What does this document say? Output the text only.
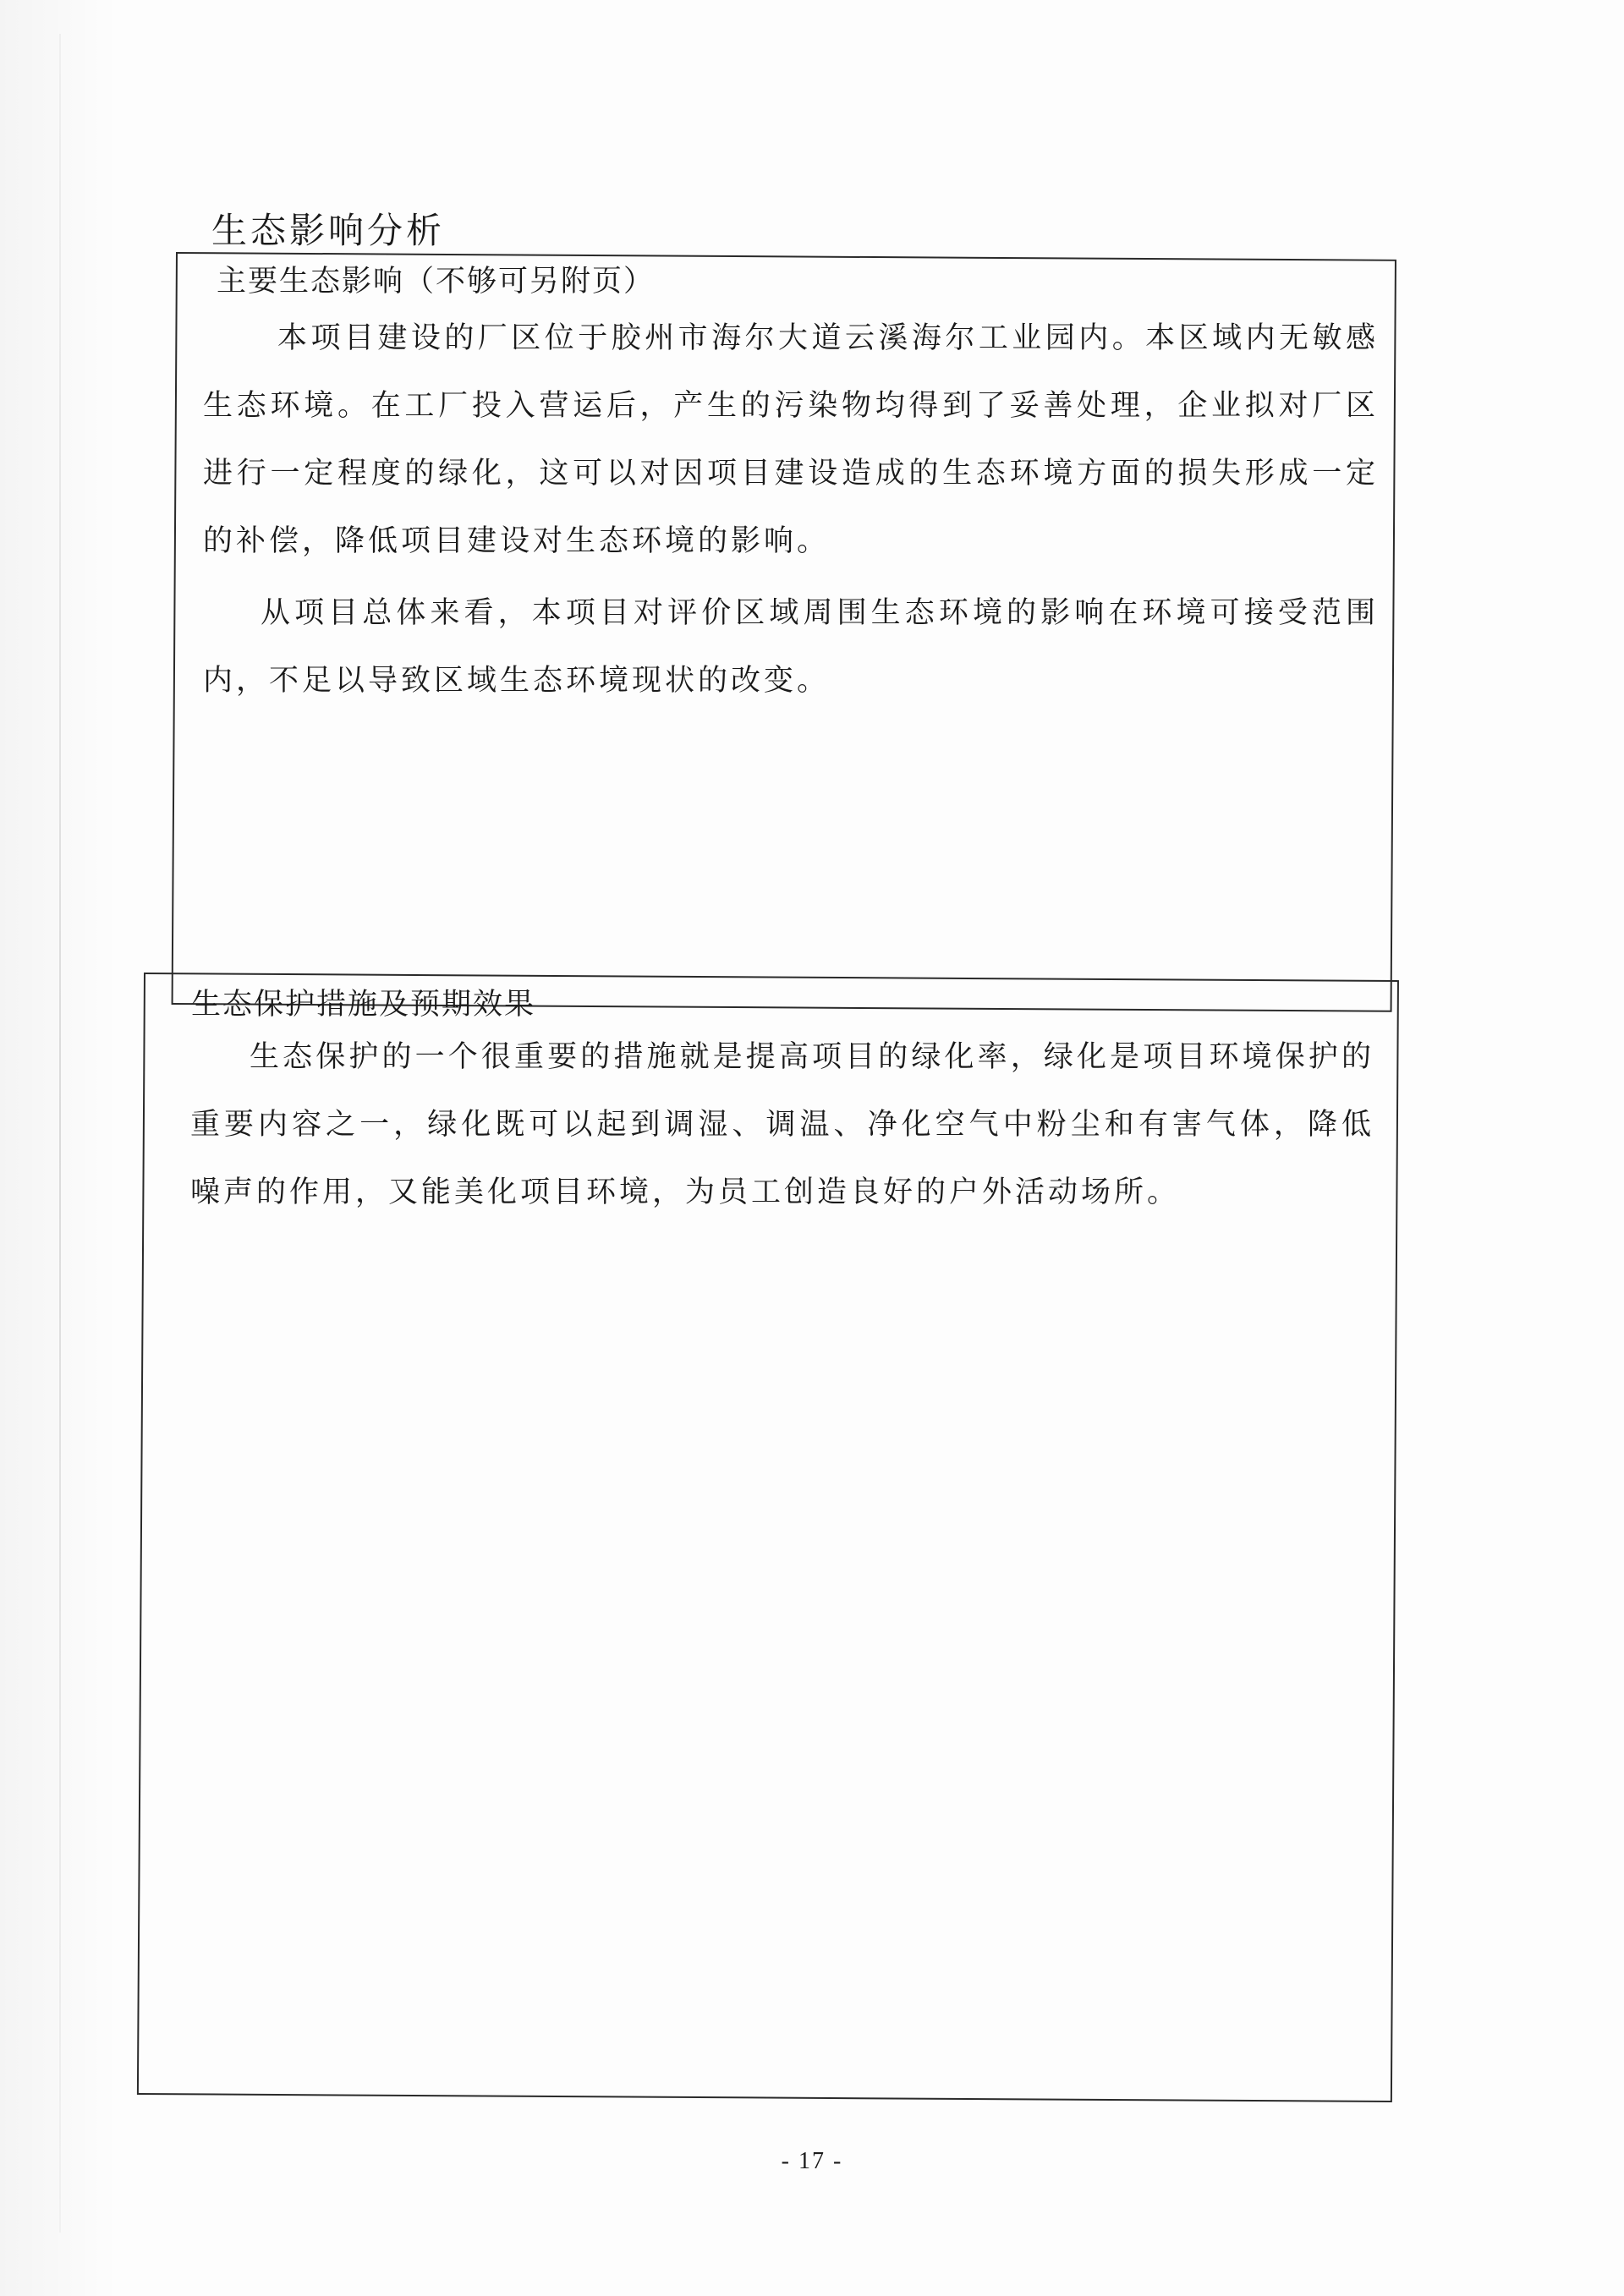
生态影响分析
主要生态影响（不够可另附页）

本项目建设的厂区位于胶州市海尔大道云溪海尔工业园内。本区域内无敏感生态环境。在工厂投入营运后，产生的污染物均得到了妥善处理，企业拟对厂区进行一定程度的绿化，这可以对因项目建设造成的生态环境方面的损失形成一定的补偿，降低项目建设对生态环境的影响。

从项目总体来看，本项目对评价区域周围生态环境的影响在环境可接受范围内，不足以导致区域生态环境现状的改变。

生态保护措施及预期效果

生态保护的一个很重要的措施就是提高项目的绿化率，绿化是项目环境保护的重要内容之一，绿化既可以起到调湿、调温、净化空气中粉尘和有害气体，降低噪声的作用，又能美化项目环境，为员工创造良好的户外活动场所。

- 17 -
